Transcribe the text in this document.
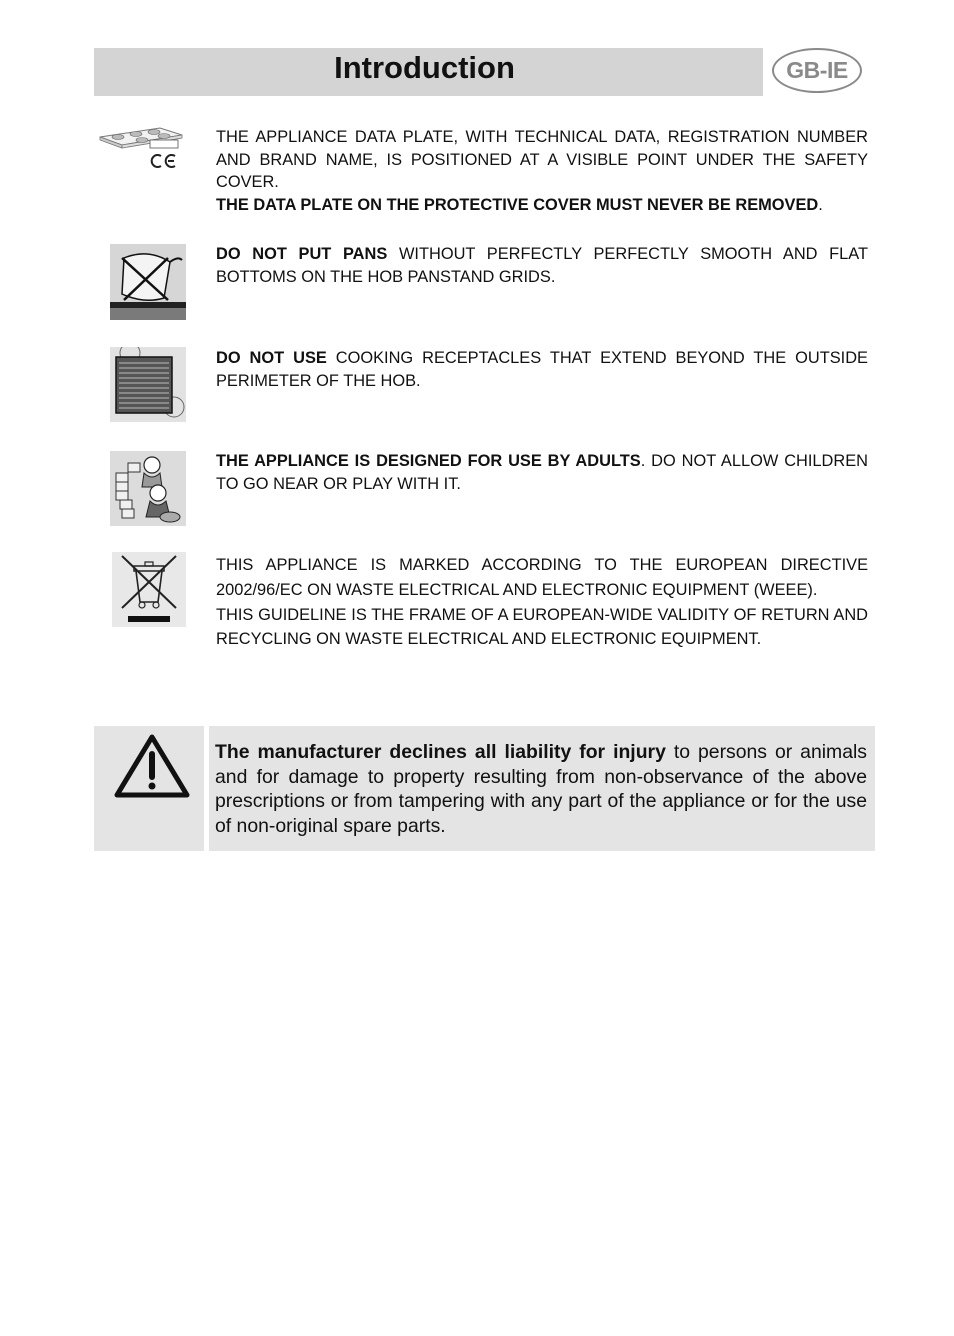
Introduction	GB-IE

THE APPLIANCE DATA PLATE, WITH TECHNICAL DATA, REGISTRATION NUMBER AND BRAND NAME, IS POSITIONED AT A VISIBLE POINT UNDER THE SAFETY COVER.

THE DATA PLATE ON THE PROTECTIVE COVER MUST NEVER BE REMOVED.

DO NOT PUT PANS WITHOUT PERFECTLY PERFECTLY SMOOTH AND FLAT BOTTOMS ON THE HOB PANSTAND GRIDS.

DO NOT USE COOKING RECEPTACLES THAT EXTEND BEYOND THE OUTSIDE PERIMETER OF THE HOB.

THE APPLIANCE IS DESIGNED FOR USE BY ADULTS. DO NOT ALLOW CHILDREN TO GO NEAR OR PLAY WITH IT.

THIS APPLIANCE IS MARKED ACCORDING TO THE EUROPEAN DIRECTIVE 2002/96/EC ON WASTE ELECTRICAL AND ELECTRONIC EQUIPMENT (WEEE).

THIS GUIDELINE IS THE FRAME OF A EUROPEAN-WIDE VALIDITY OF RETURN AND RECYCLING ON WASTE ELECTRICAL AND ELECTRONIC EQUIPMENT.

The manufacturer declines all liability for injury to persons or animals and for damage to property resulting from non-observance of the above prescriptions or from tampering with any part of the appliance or for the use of non-original spare parts.
